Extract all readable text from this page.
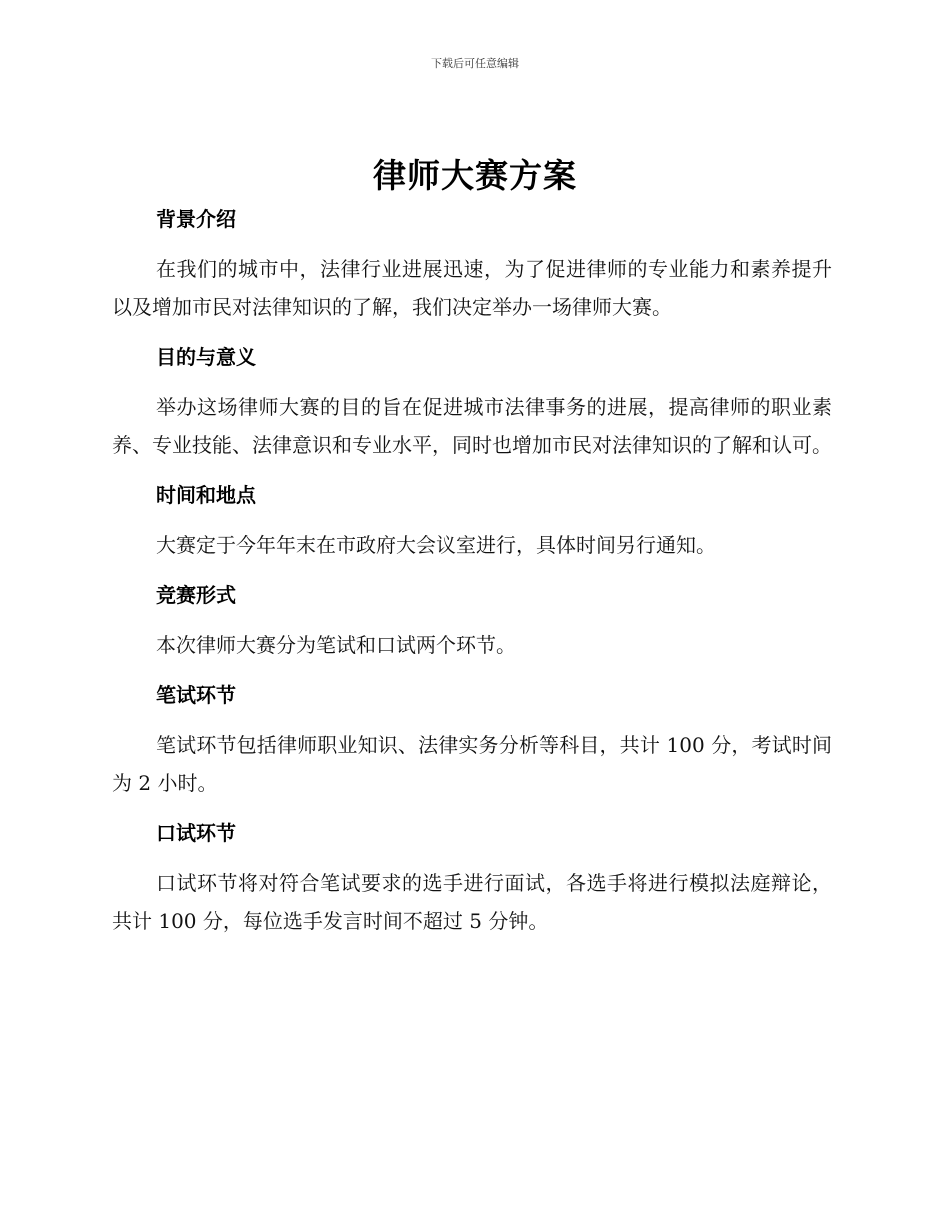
下载后可任意编辑
律师大赛方案
背景介绍

在我们的城市中，法律行业进展迅速，为了促进律师的专业能力和素养提升以及增加市民对法律知识的了解，我们决定举办一场律师大赛。

目的与意义

举办这场律师大赛的目的旨在促进城市法律事务的进展，提高律师的职业素养、专业技能、法律意识和专业水平，同时也增加市民对法律知识的了解和认可。

时间和地点

大赛定于今年年末在市政府大会议室进行，具体时间另行通知。

竞赛形式

本次律师大赛分为笔试和口试两个环节。

笔试环节

笔试环节包括律师职业知识、法律实务分析等科目，共计 100 分，考试时间为 2 小时。

口试环节

口试环节将对符合笔试要求的选手进行面试，各选手将进行模拟法庭辩论，共计 100 分，每位选手发言时间不超过 5 分钟。
